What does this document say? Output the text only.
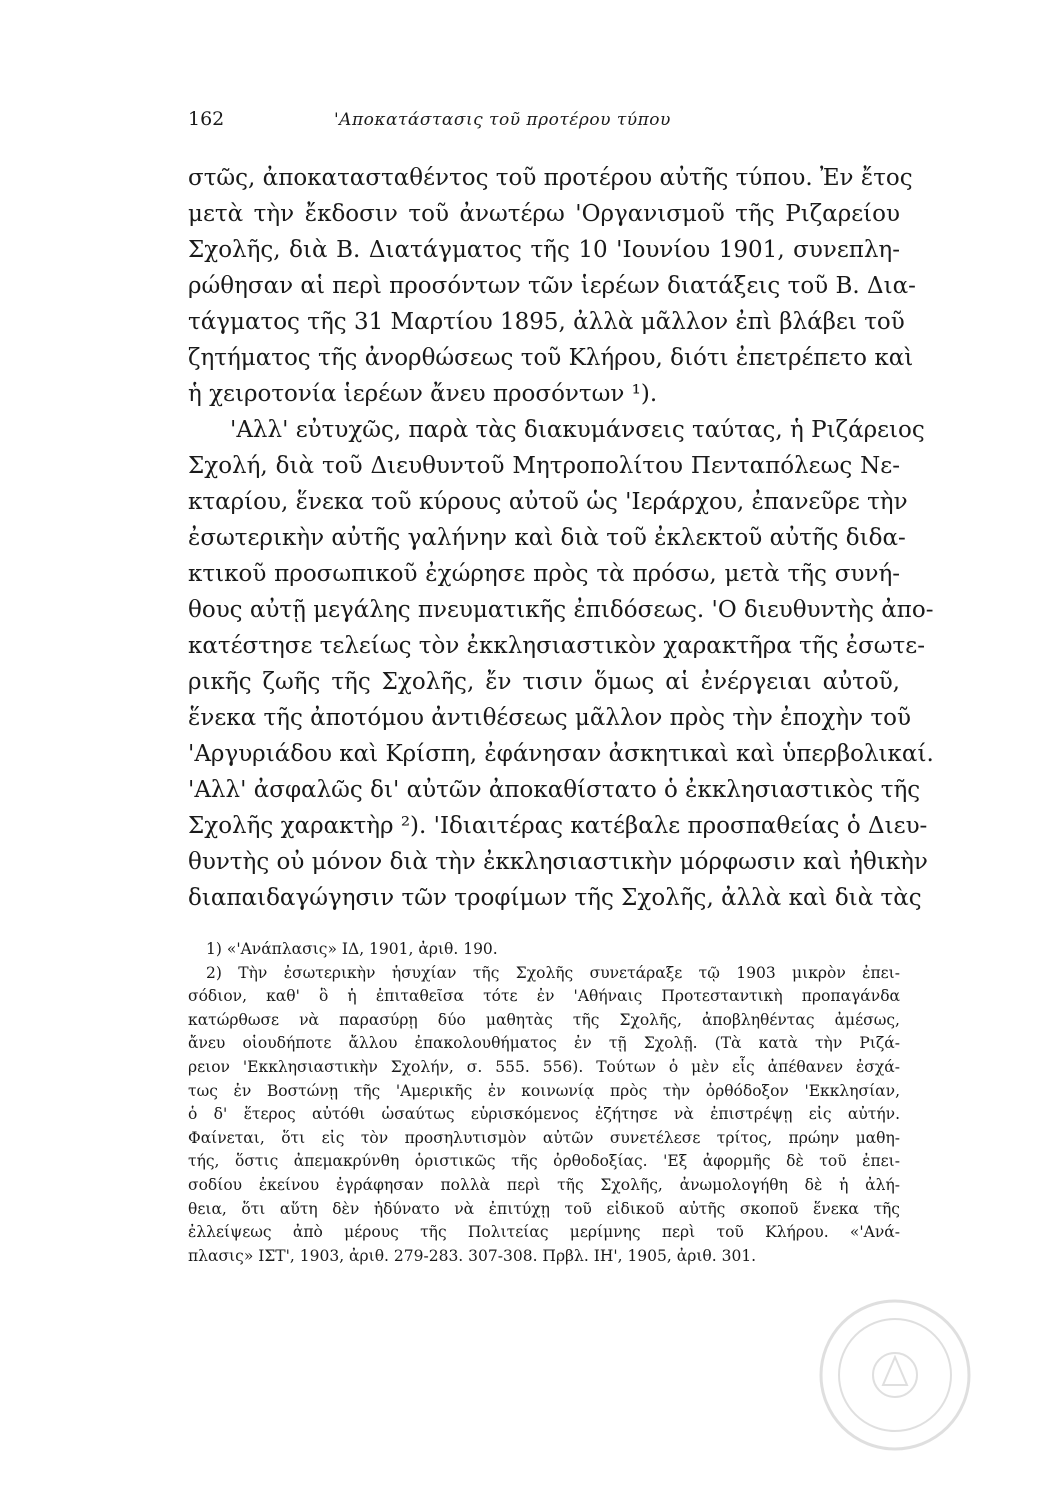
162	'Αποκατάστασις τοῦ προτέρου τύπου
στῶς, ἀποκατασταθέντος τοῦ προτέρου αὐτῆς τύπου. Ἐν ἔτος
μετὰ τὴν ἔκδοσιν τοῦ ἀνωτέρω 'Οργανισμοῦ τῆς Ριζαρείου
Σχολῆς, διὰ Β. Διατάγματος τῆς 10 'Ιουνίου 1901, συνεπλη-
ρώθησαν αἱ περὶ προσόντων τῶν ἱερέων διατάξεις τοῦ Β. Δια-
τάγματος τῆς 31 Μαρτίου 1895, ἀλλὰ μᾶλλον ἐπὶ βλάβει τοῦ
ζητήματος τῆς ἀνορθώσεως τοῦ Κλήρου, διότι ἐπετρέπετο καὶ
ἡ χειροτονία ἱερέων ἄνευ προσόντων ¹).
'Αλλ' εὐτυχῶς, παρὰ τὰς διακυμάνσεις ταύτας, ἡ Ριζάρειος
Σχολή, διὰ τοῦ Διευθυντοῦ Μητροπολίτου Πενταπόλεως Νε-
κταρίου, ἕνεκα τοῦ κύρους αὐτοῦ ὡς 'Ιεράρχου, ἐπανεῦρε τὴν
ἐσωτερικὴν αὐτῆς γαλήνην καὶ διὰ τοῦ ἐκλεκτοῦ αὐτῆς διδα-
κτικοῦ προσωπικοῦ ἐχώρησε πρὸς τὰ πρόσω, μετὰ τῆς συνή-
θους αὐτῇ μεγάλης πνευματικῆς ἐπιδόσεως. 'Ο διευθυντὴς ἀπο-
κατέστησε τελείως τὸν ἐκκλησιαστικὸν χαρακτῆρα τῆς ἐσωτε-
ρικῆς ζωῆς τῆς Σχολῆς, ἔν τισιν ὅμως αἱ ἐνέργειαι αὐτοῦ,
ἕνεκα τῆς ἀποτόμου ἀντιθέσεως μᾶλλον πρὸς τὴν ἐποχὴν τοῦ
'Αργυριάδου καὶ Κρίσπη, ἐφάνησαν ἀσκητικαὶ καὶ ὑπερβολικαί.
'Αλλ' ἀσφαλῶς δι' αὐτῶν ἀποκαθίστατο ὁ ἐκκλησιαστικὸς τῆς
Σχολῆς χαρακτὴρ ²). 'Ιδιαιτέρας κατέβαλε προσπαθείας ὁ Διευ-
θυντὴς οὐ μόνον διὰ τὴν ἐκκλησιαστικὴν μόρφωσιν καὶ ἠθικὴν
διαπαιδαγώγησιν τῶν τροφίμων τῆς Σχολῆς, ἀλλὰ καὶ διὰ τὰς
1) «'Ανάπλασις» ΙΔ, 1901, ἀριθ. 190.
2) Τὴν ἐσωτερικὴν ἡσυχίαν τῆς Σχολῆς συνετάραξε τῷ 1903 μικρὸν ἐπει-
σόδιον, καθ' ὃ ἡ ἐπιταθεῖσα τότε ἐν 'Αθήναις Προτεσταντικὴ προπαγάνδα
κατώρθωσε νὰ παρασύρῃ δύο μαθητὰς τῆς Σχολῆς, ἀποβληθέντας ἀμέσως,
ἄνευ οἱουδήποτε ἄλλου ἐπακολουθήματος ἐν τῇ Σχολῇ. (Τὰ κατὰ τὴν Ριζά-
ρειον 'Εκκλησιαστικὴν Σχολήν, σ. 555. 556). Τούτων ὁ μὲν εἷς ἀπέθανεν ἐσχά-
τως ἐν Βοστώνῃ τῆς 'Αμερικῆς ἐν κοινωνίᾳ πρὸς τὴν ὀρθόδοξον 'Εκκλησίαν,
ὁ δ' ἕτερος αὐτόθι ὡσαύτως εὑρισκόμενος ἐζήτησε νὰ ἐπιστρέψῃ εἰς αὐτήν.
Φαίνεται, ὅτι εἰς τὸν προσηλυτισμὸν αὐτῶν συνετέλεσε τρίτος, πρώην μαθη-
τής, ὅστις ἀπεμακρύνθη ὁριστικῶς τῆς ὀρθοδοξίας. 'Εξ ἀφορμῆς δὲ τοῦ ἐπει-
σοδίου ἐκείνου ἐγράφησαν πολλὰ περὶ τῆς Σχολῆς, ἀνωμολογήθη δὲ ἡ ἀλή-
θεια, ὅτι αὕτη δὲν ἠδύνατο νὰ ἐπιτύχῃ τοῦ εἰδικοῦ αὐτῆς σκοποῦ ἕνεκα τῆς
ἐλλείψεως ἀπὸ μέρους τῆς Πολιτείας μερίμνης περὶ τοῦ Κλήρου. «'Ανά-
πλασις» ΙΣΤ', 1903, ἀριθ. 279-283. 307-308. Πρβλ. ΙΗ', 1905, ἀριθ. 301.
